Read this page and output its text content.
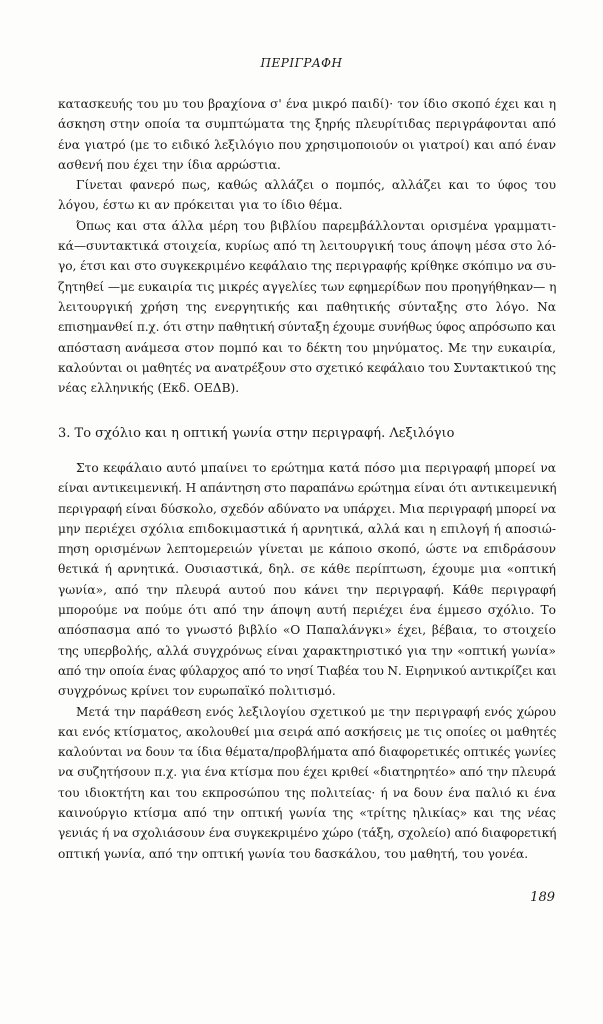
ΠΕΡΙΓΡΑΦΗ
κατασκευής του μυ του βραχίονα σ' ένα μικρό παιδί)· τον ίδιο σκοπό έχει και η
άσκηση στην οποία τα συμπτώματα της ξηρής πλευρίτιδας περιγράφονται από
ένα γιατρό (με το ειδικό λεξιλόγιο που χρησιμοποιούν οι γιατροί) και από έναν
ασθενή που έχει την ίδια αρρώστια.
Γίνεται φανερό πως, καθώς αλλάζει ο πομπός, αλλάζει και το ύφος του
λόγου, έστω κι αν πρόκειται για το ίδιο θέμα.
Όπως και στα άλλα μέρη του βιβλίου παρεμβάλλονται ορισμένα γραμματι-
κά—συντακτικά στοιχεία, κυρίως από τη λειτουργική τους άποψη μέσα στο λό-
γο, έτσι και στο συγκεκριμένο κεφάλαιο της περιγραφής κρίθηκε σκόπιμο να συ-
ζητηθεί —με ευκαιρία τις μικρές αγγελίες των εφημερίδων που προηγήθηκαν— η
λειτουργική χρήση της ενεργητικής και παθητικής σύνταξης στο λόγο. Να
επισημανθεί π.χ. ότι στην παθητική σύνταξη έχουμε συνήθως ύφος απρόσωπο και
απόσταση ανάμεσα στον πομπό και το δέκτη του μηνύματος. Με την ευκαιρία,
καλούνται οι μαθητές να ανατρέξουν στο σχετικό κεφάλαιο του Συντακτικού της
νέας ελληνικής (Εκδ. ΟΕΔΒ).
3. Το σχόλιο και η οπτική γωνία στην περιγραφή. Λεξιλόγιο
Στο κεφάλαιο αυτό μπαίνει το ερώτημα κατά πόσο μια περιγραφή μπορεί να
είναι αντικειμενική. Η απάντηση στο παραπάνω ερώτημα είναι ότι αντικειμενική
περιγραφή είναι δύσκολο, σχεδόν αδύνατο να υπάρχει. Μια περιγραφή μπορεί να
μην περιέχει σχόλια επιδοκιμαστικά ή αρνητικά, αλλά και η επιλογή ή αποσιώ-
πηση ορισμένων λεπτομερειών γίνεται με κάποιο σκοπό, ώστε να επιδράσουν
θετικά ή αρνητικά. Ουσιαστικά, δηλ. σε κάθε περίπτωση, έχουμε μια «οπτική
γωνία», από την πλευρά αυτού που κάνει την περιγραφή. Κάθε περιγραφή
μπορούμε να πούμε ότι από την άποψη αυτή περιέχει ένα έμμεσο σχόλιο. Το
απόσπασμα από το γνωστό βιβλίο «Ο Παπαλάνγκι» έχει, βέβαια, το στοιχείο
της υπερβολής, αλλά συγχρόνως είναι χαρακτηριστικό για την «οπτική γωνία»
από την οποία ένας φύλαρχος από το νησί Τιαβέα του Ν. Ειρηνικού αντικρίζει και
συγχρόνως κρίνει τον ευρωπαϊκό πολιτισμό.
Μετά την παράθεση ενός λεξιλογίου σχετικού με την περιγραφή ενός χώρου
και ενός κτίσματος, ακολουθεί μια σειρά από ασκήσεις με τις οποίες οι μαθητές
καλούνται να δουν τα ίδια θέματα/προβλήματα από διαφορετικές οπτικές γωνίες
να συζητήσουν π.χ. για ένα κτίσμα που έχει κριθεί «διατηρητέο» από την πλευρά
του ιδιοκτήτη και του εκπροσώπου της πολιτείας· ή να δουν ένα παλιό κι ένα
καινούργιο κτίσμα από την οπτική γωνία της «τρίτης ηλικίας» και της νέας
γενιάς ή να σχολιάσουν ένα συγκεκριμένο χώρο (τάξη, σχολείο) από διαφορετική
οπτική γωνία, από την οπτική γωνία του δασκάλου, του μαθητή, του γονέα.
189
